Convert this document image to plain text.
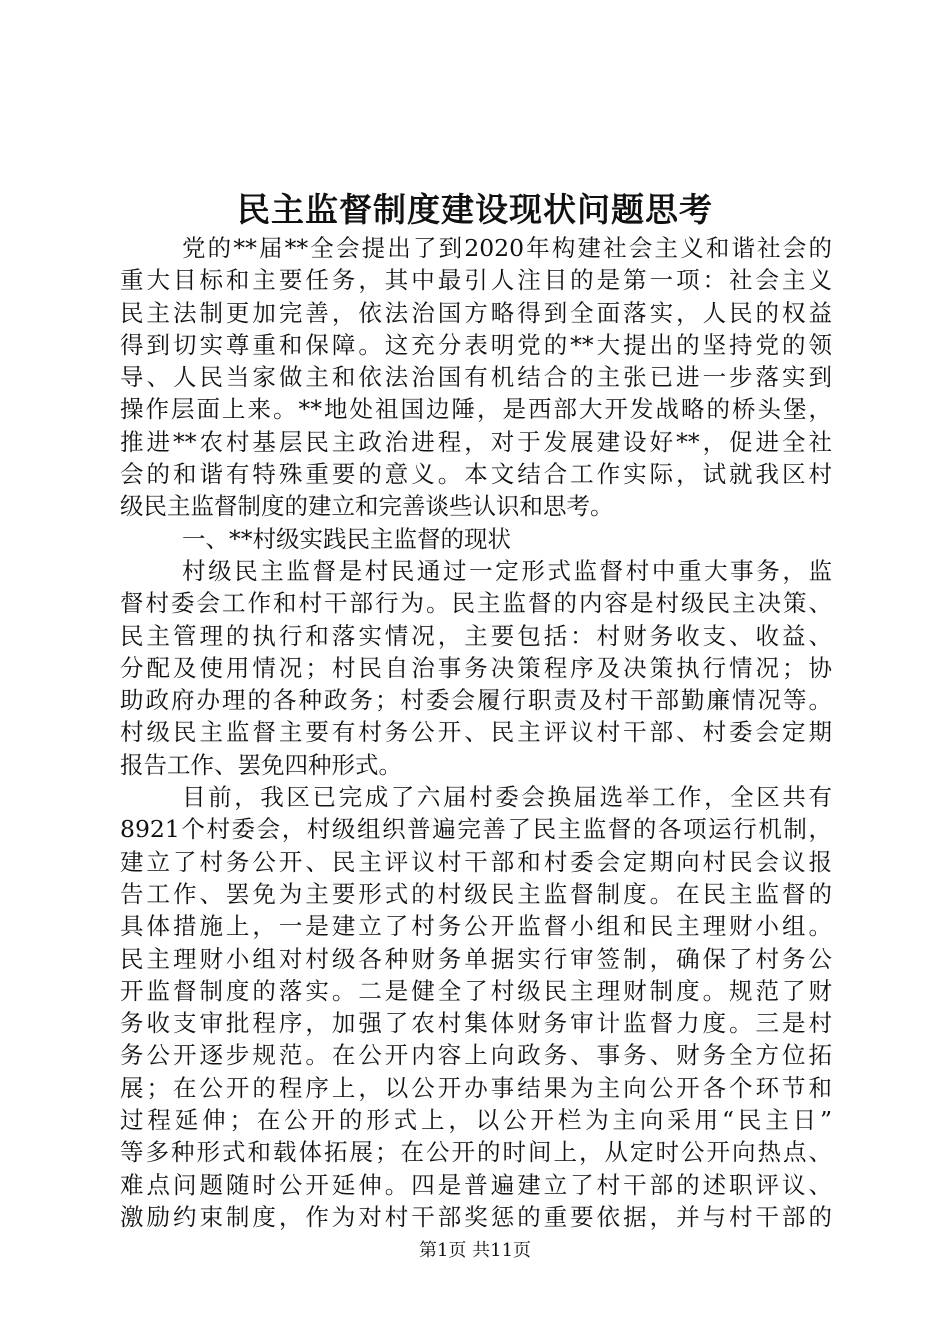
民主监督制度建设现状问题思考
党的**届**全会提出了到2020年构建社会主义和谐社会的
重大目标和主要任务，其中最引人注目的是第一项：社会主义
民主法制更加完善，依法治国方略得到全面落实，人民的权益
得到切实尊重和保障。这充分表明党的**大提出的坚持党的领
导、人民当家做主和依法治国有机结合的主张已进一步落实到
操作层面上来。**地处祖国边陲，是西部大开发战略的桥头堡，
推进**农村基层民主政治进程，对于发展建设好**，促进全社
会的和谐有特殊重要的意义。本文结合工作实际，试就我区村
级民主监督制度的建立和完善谈些认识和思考。
一、**村级实践民主监督的现状
村级民主监督是村民通过一定形式监督村中重大事务，监
督村委会工作和村干部行为。民主监督的内容是村级民主决策、
民主管理的执行和落实情况，主要包括：村财务收支、收益、
分配及使用情况；村民自治事务决策程序及决策执行情况；协
助政府办理的各种政务；村委会履行职责及村干部勤廉情况等。
村级民主监督主要有村务公开、民主评议村干部、村委会定期
报告工作、罢免四种形式。
目前，我区已完成了六届村委会换届选举工作，全区共有
8921个村委会，村级组织普遍完善了民主监督的各项运行机制，
建立了村务公开、民主评议村干部和村委会定期向村民会议报
告工作、罢免为主要形式的村级民主监督制度。在民主监督的
具体措施上，一是建立了村务公开监督小组和民主理财小组。
民主理财小组对村级各种财务单据实行审签制，确保了村务公
开监督制度的落实。二是健全了村级民主理财制度。规范了财
务收支审批程序，加强了农村集体财务审计监督力度。三是村
务公开逐步规范。在公开内容上向政务、事务、财务全方位拓
展；在公开的程序上，以公开办事结果为主向公开各个环节和
过程延伸；在公开的形式上，以公开栏为主向采用“民主日”
等多种形式和载体拓展；在公开的时间上，从定时公开向热点、
难点问题随时公开延伸。四是普遍建立了村干部的述职评议、
激励约束制度，作为对村干部奖惩的重要依据，并与村干部的
第1页 共11页
